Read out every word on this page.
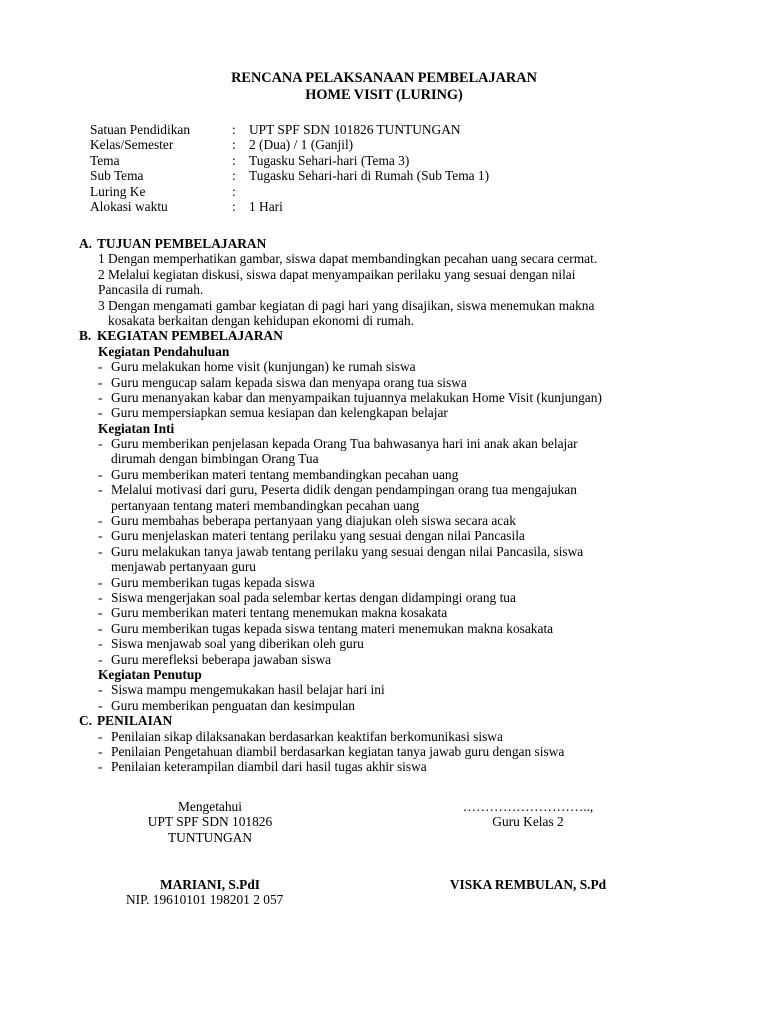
RENCANA PELAKSANAAN PEMBELAJARAN
HOME VISIT (LURING)
Satuan Pendidikan	: UPT SPF SDN 101826 TUNTUNGAN
Kelas/Semester	: 2 (Dua) / 1 (Ganjil)
Tema	: Tugasku Sehari-hari (Tema 3)
Sub Tema	: Tugasku Sehari-hari di Rumah (Sub Tema 1)
Luring Ke	:
Alokasi waktu	: 1 Hari
A. TUJUAN PEMBELAJARAN
1 Dengan memperhatikan gambar, siswa dapat membandingkan pecahan uang secara cermat.
2 Melalui kegiatan diskusi, siswa dapat menyampaikan perilaku yang sesuai dengan nilai
Pancasila di rumah.
3 Dengan mengamati gambar kegiatan di pagi hari yang disajikan, siswa menemukan makna
kosakata berkaitan dengan kehidupan ekonomi di rumah.
B. KEGIATAN PEMBELAJARAN
Kegiatan Pendahuluan
- Guru melakukan home visit (kunjungan) ke rumah siswa
- Guru mengucap salam kepada siswa dan menyapa orang tua siswa
- Guru menanyakan kabar dan menyampaikan tujuannya melakukan Home Visit (kunjungan)
- Guru mempersiapkan semua kesiapan dan kelengkapan belajar
Kegiatan Inti
- Guru memberikan penjelasan kepada Orang Tua bahwasanya hari ini anak akan belajar
dirumah dengan bimbingan Orang Tua
- Guru memberikan materi tentang membandingkan pecahan uang
- Melalui motivasi dari guru, Peserta didik dengan pendampingan orang tua mengajukan
pertanyaan tentang materi membandingkan pecahan uang
- Guru membahas beberapa pertanyaan yang diajukan oleh siswa secara acak
- Guru menjelaskan materi tentang perilaku yang sesuai dengan nilai Pancasila
- Guru melakukan tanya jawab tentang perilaku yang sesuai dengan nilai Pancasila, siswa
menjawab pertanyaan guru
- Guru memberikan tugas kepada siswa
- Siswa mengerjakan soal pada selembar kertas dengan didampingi orang tua
- Guru memberikan materi tentang menemukan makna kosakata
- Guru memberikan tugas kepada siswa tentang materi menemukan makna kosakata
- Siswa menjawab soal yang diberikan oleh guru
- Guru merefleksi beberapa jawaban siswa
Kegiatan Penutup
- Siswa mampu mengemukakan hasil belajar hari ini
- Guru memberikan penguatan dan kesimpulan
C. PENILAIAN
- Penilaian sikap dilaksanakan berdasarkan keaktifan berkomunikasi siswa
- Penilaian Pengetahuan diambil berdasarkan kegiatan tanya jawab guru dengan siswa
- Penilaian keterampilan diambil dari hasil tugas akhir siswa
Mengetahui
UPT SPF SDN 101826
TUNTUNGAN
MARIANI, S.PdI
NIP. 19610101 198201 2 057
………………………..,
Guru Kelas 2
VISKA REMBULAN, S.Pd
